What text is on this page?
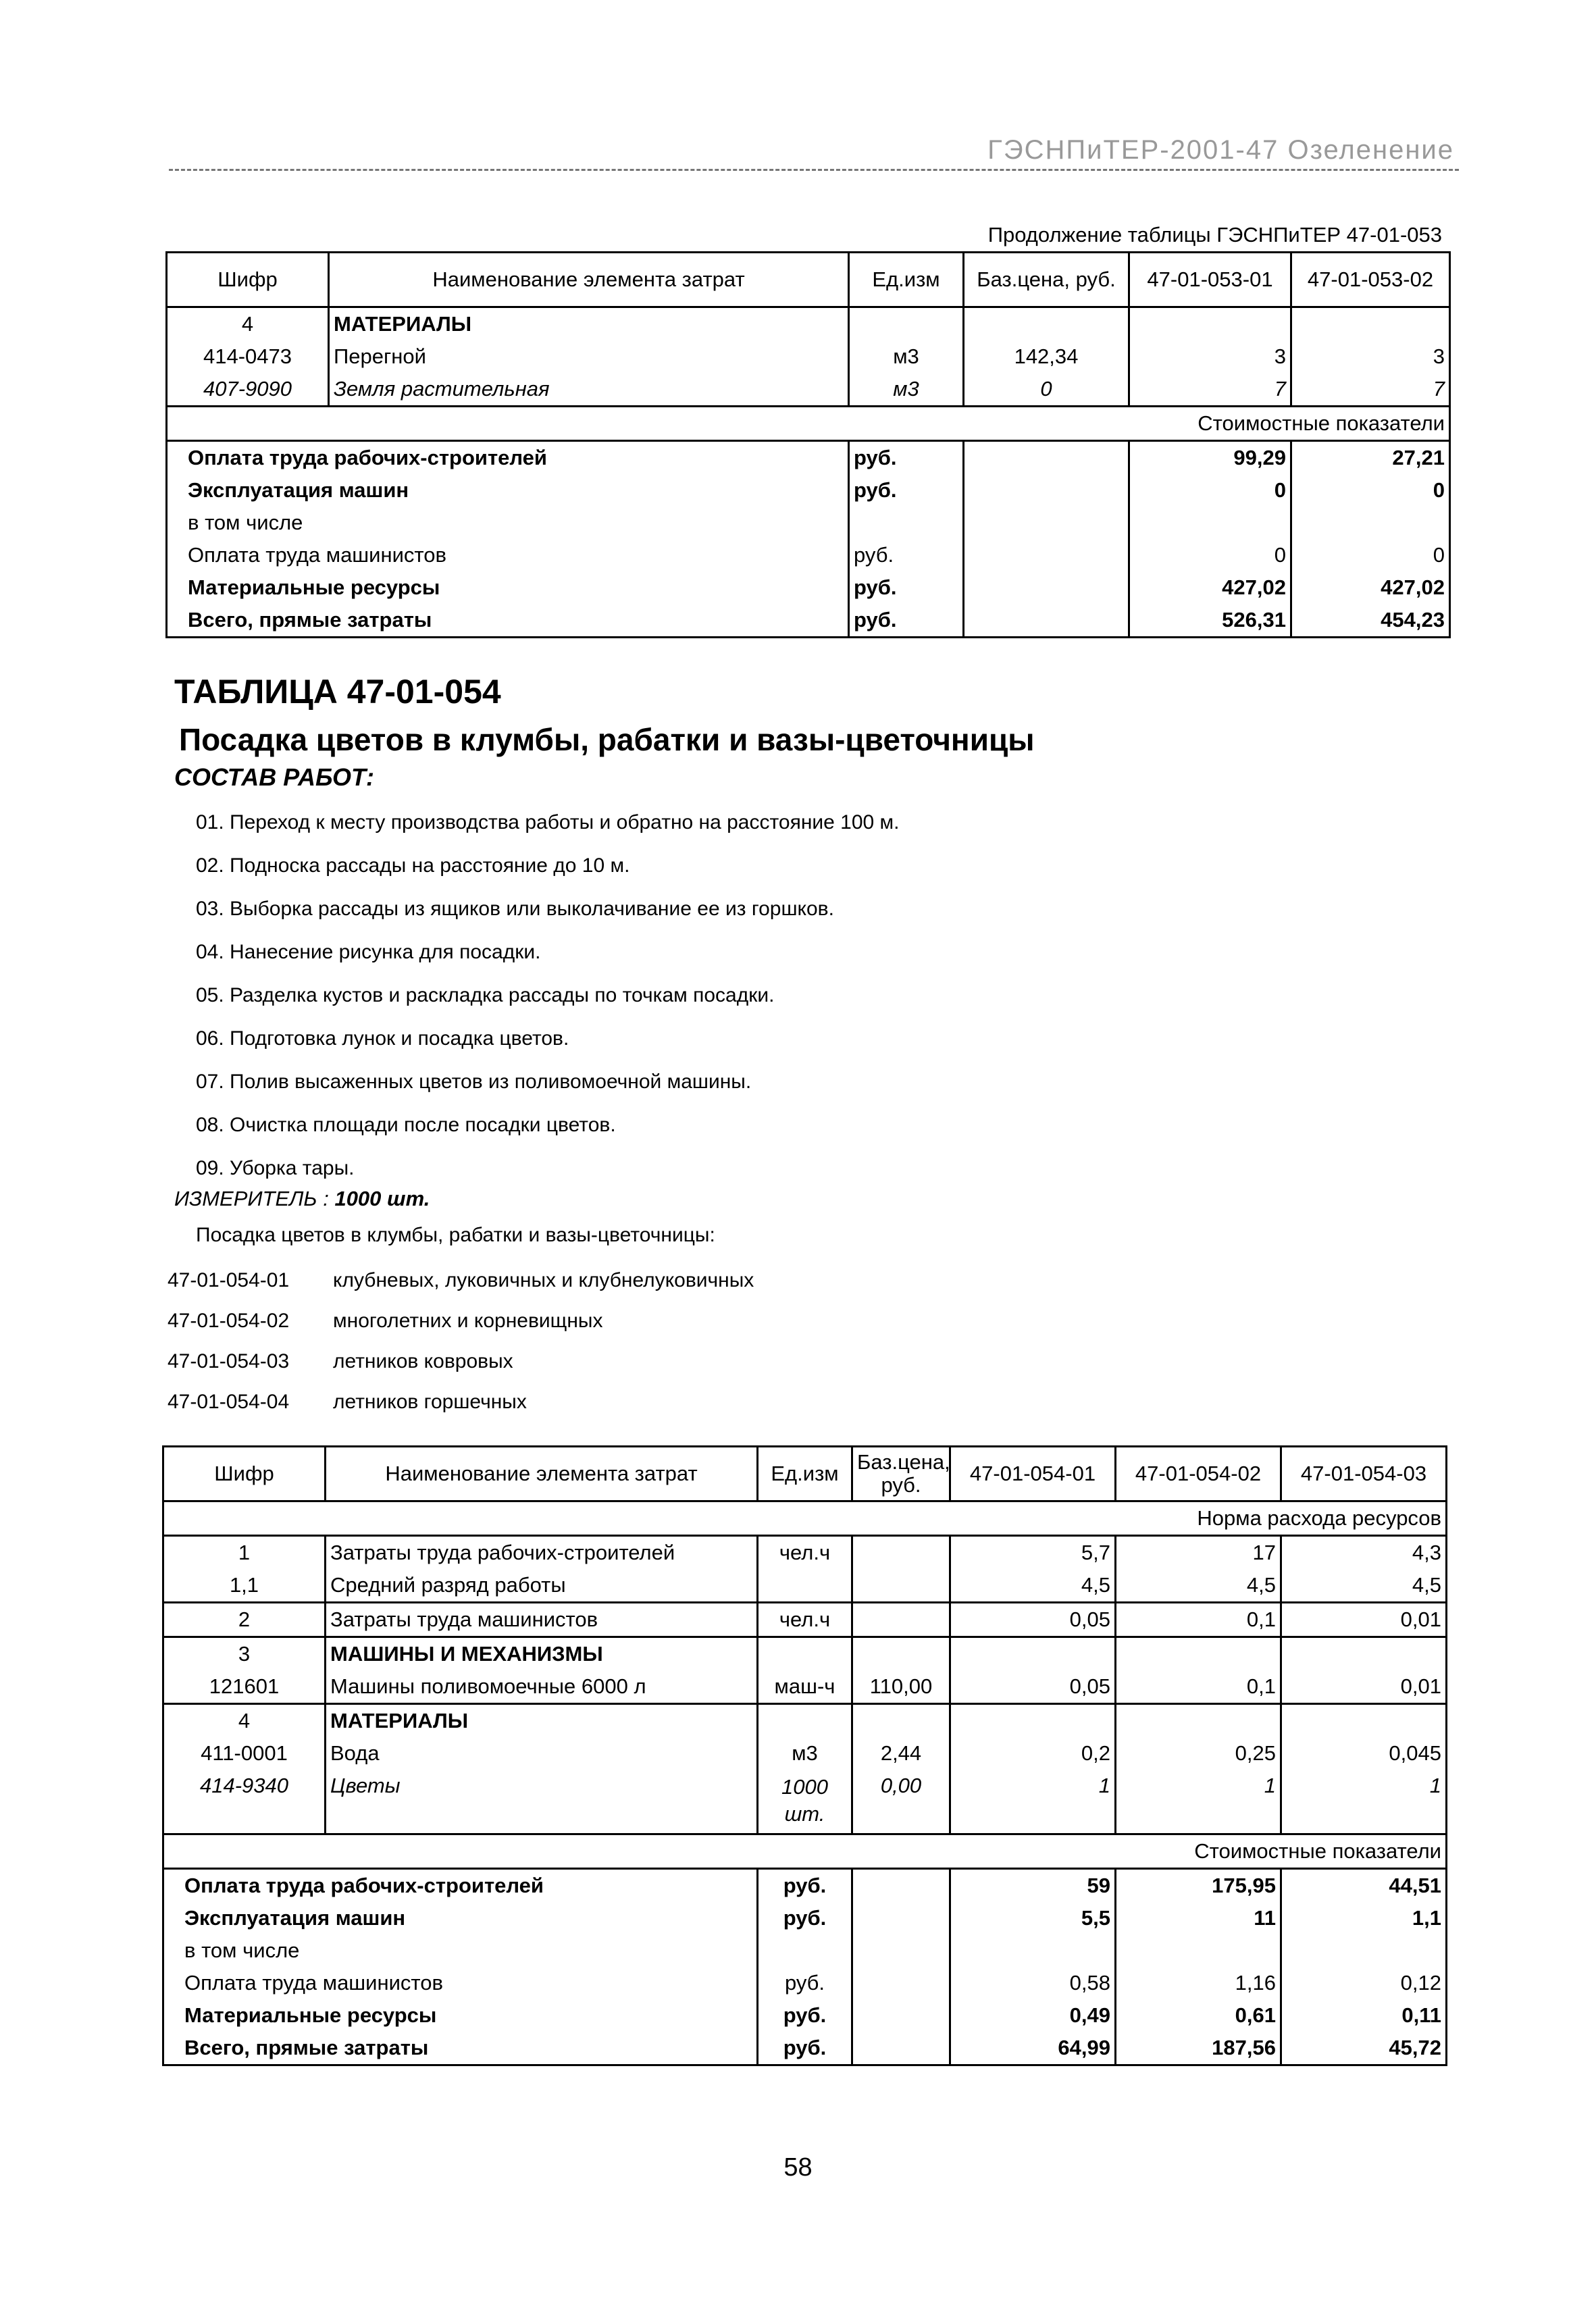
ГЭСНПиТЕР-2001-47 Озеленение
Продолжение таблицы ГЭСНПиТЕР 47-01-053
Шифр	Наименование элемента затрат	Ед.изм	Баз.цена, руб.	47-01-053-01	47-01-053-02
4	МАТЕРИАЛЫ				
414-0473	Перегной	м3	142,34	3	3
407-9090	Земля растительная	м3	0	7	7
Стоимостные показатели					
Оплата труда рабочих-строителей		руб.		99,29	27,21
Эксплуатация машин		руб.		0	0
в том числе					
Оплата труда машинистов		руб.		0	0
Материальные ресурсы		руб.		427,02	427,02
Всего, прямые затраты		руб.		526,31	454,23
ТАБЛИЦА 47-01-054
Посадка цветов в клумбы, рабатки и вазы-цветочницы
СОСТАВ РАБОТ:
01. Переход к месту производства работы и обратно на расстояние 100 м.
02. Подноска рассады на расстояние до 10 м.
03. Выборка рассады из ящиков или выколачивание ее из горшков.
04. Нанесение рисунка для посадки.
05. Разделка кустов и раскладка рассады по точкам посадки.
06. Подготовка лунок и посадка цветов.
07. Полив высаженных цветов из поливомоечной машины.
08. Очистка площади после посадки цветов.
09. Уборка тары.
ИЗМЕРИТЕЛЬ : 1000 шт.
Посадка цветов в клумбы, рабатки и вазы-цветочницы:
47-01-054-01 клубневых, луковичных и клубнелуковичных
47-01-054-02 многолетних и корневищных
47-01-054-03 летников ковровых
47-01-054-04 летников горшечных
Шифр	Наименование элемента затрат	Ед.изм	Баз.цена, руб.	47-01-054-01	47-01-054-02	47-01-054-03
Норма расхода ресурсов						
1	Затраты труда рабочих-строителей	чел.ч		5,7	17	4,3
1,1	Средний разряд работы			4,5	4,5	4,5
2	Затраты труда машинистов	чел.ч		0,05	0,1	0,01
3	МАШИНЫ И МЕХАНИЗМЫ					
121601	Машины поливомоечные 6000 л	маш-ч	110,00	0,05	0,1	0,01
4	МАТЕРИАЛЫ					
411-0001	Вода	м3	2,44	0,2	0,25	0,045
414-9340	Цветы	1000 шт.	0,00	1	1	1
Стоимостные показатели						
Оплата труда рабочих-строителей		руб.		59	175,95	44,51
Эксплуатация машин		руб.		5,5	11	1,1
в том числе						
Оплата труда машинистов		руб.		0,58	1,16	0,12
Материальные ресурсы		руб.		0,49	0,61	0,11
Всего, прямые затраты		руб.		64,99	187,56	45,72
58
